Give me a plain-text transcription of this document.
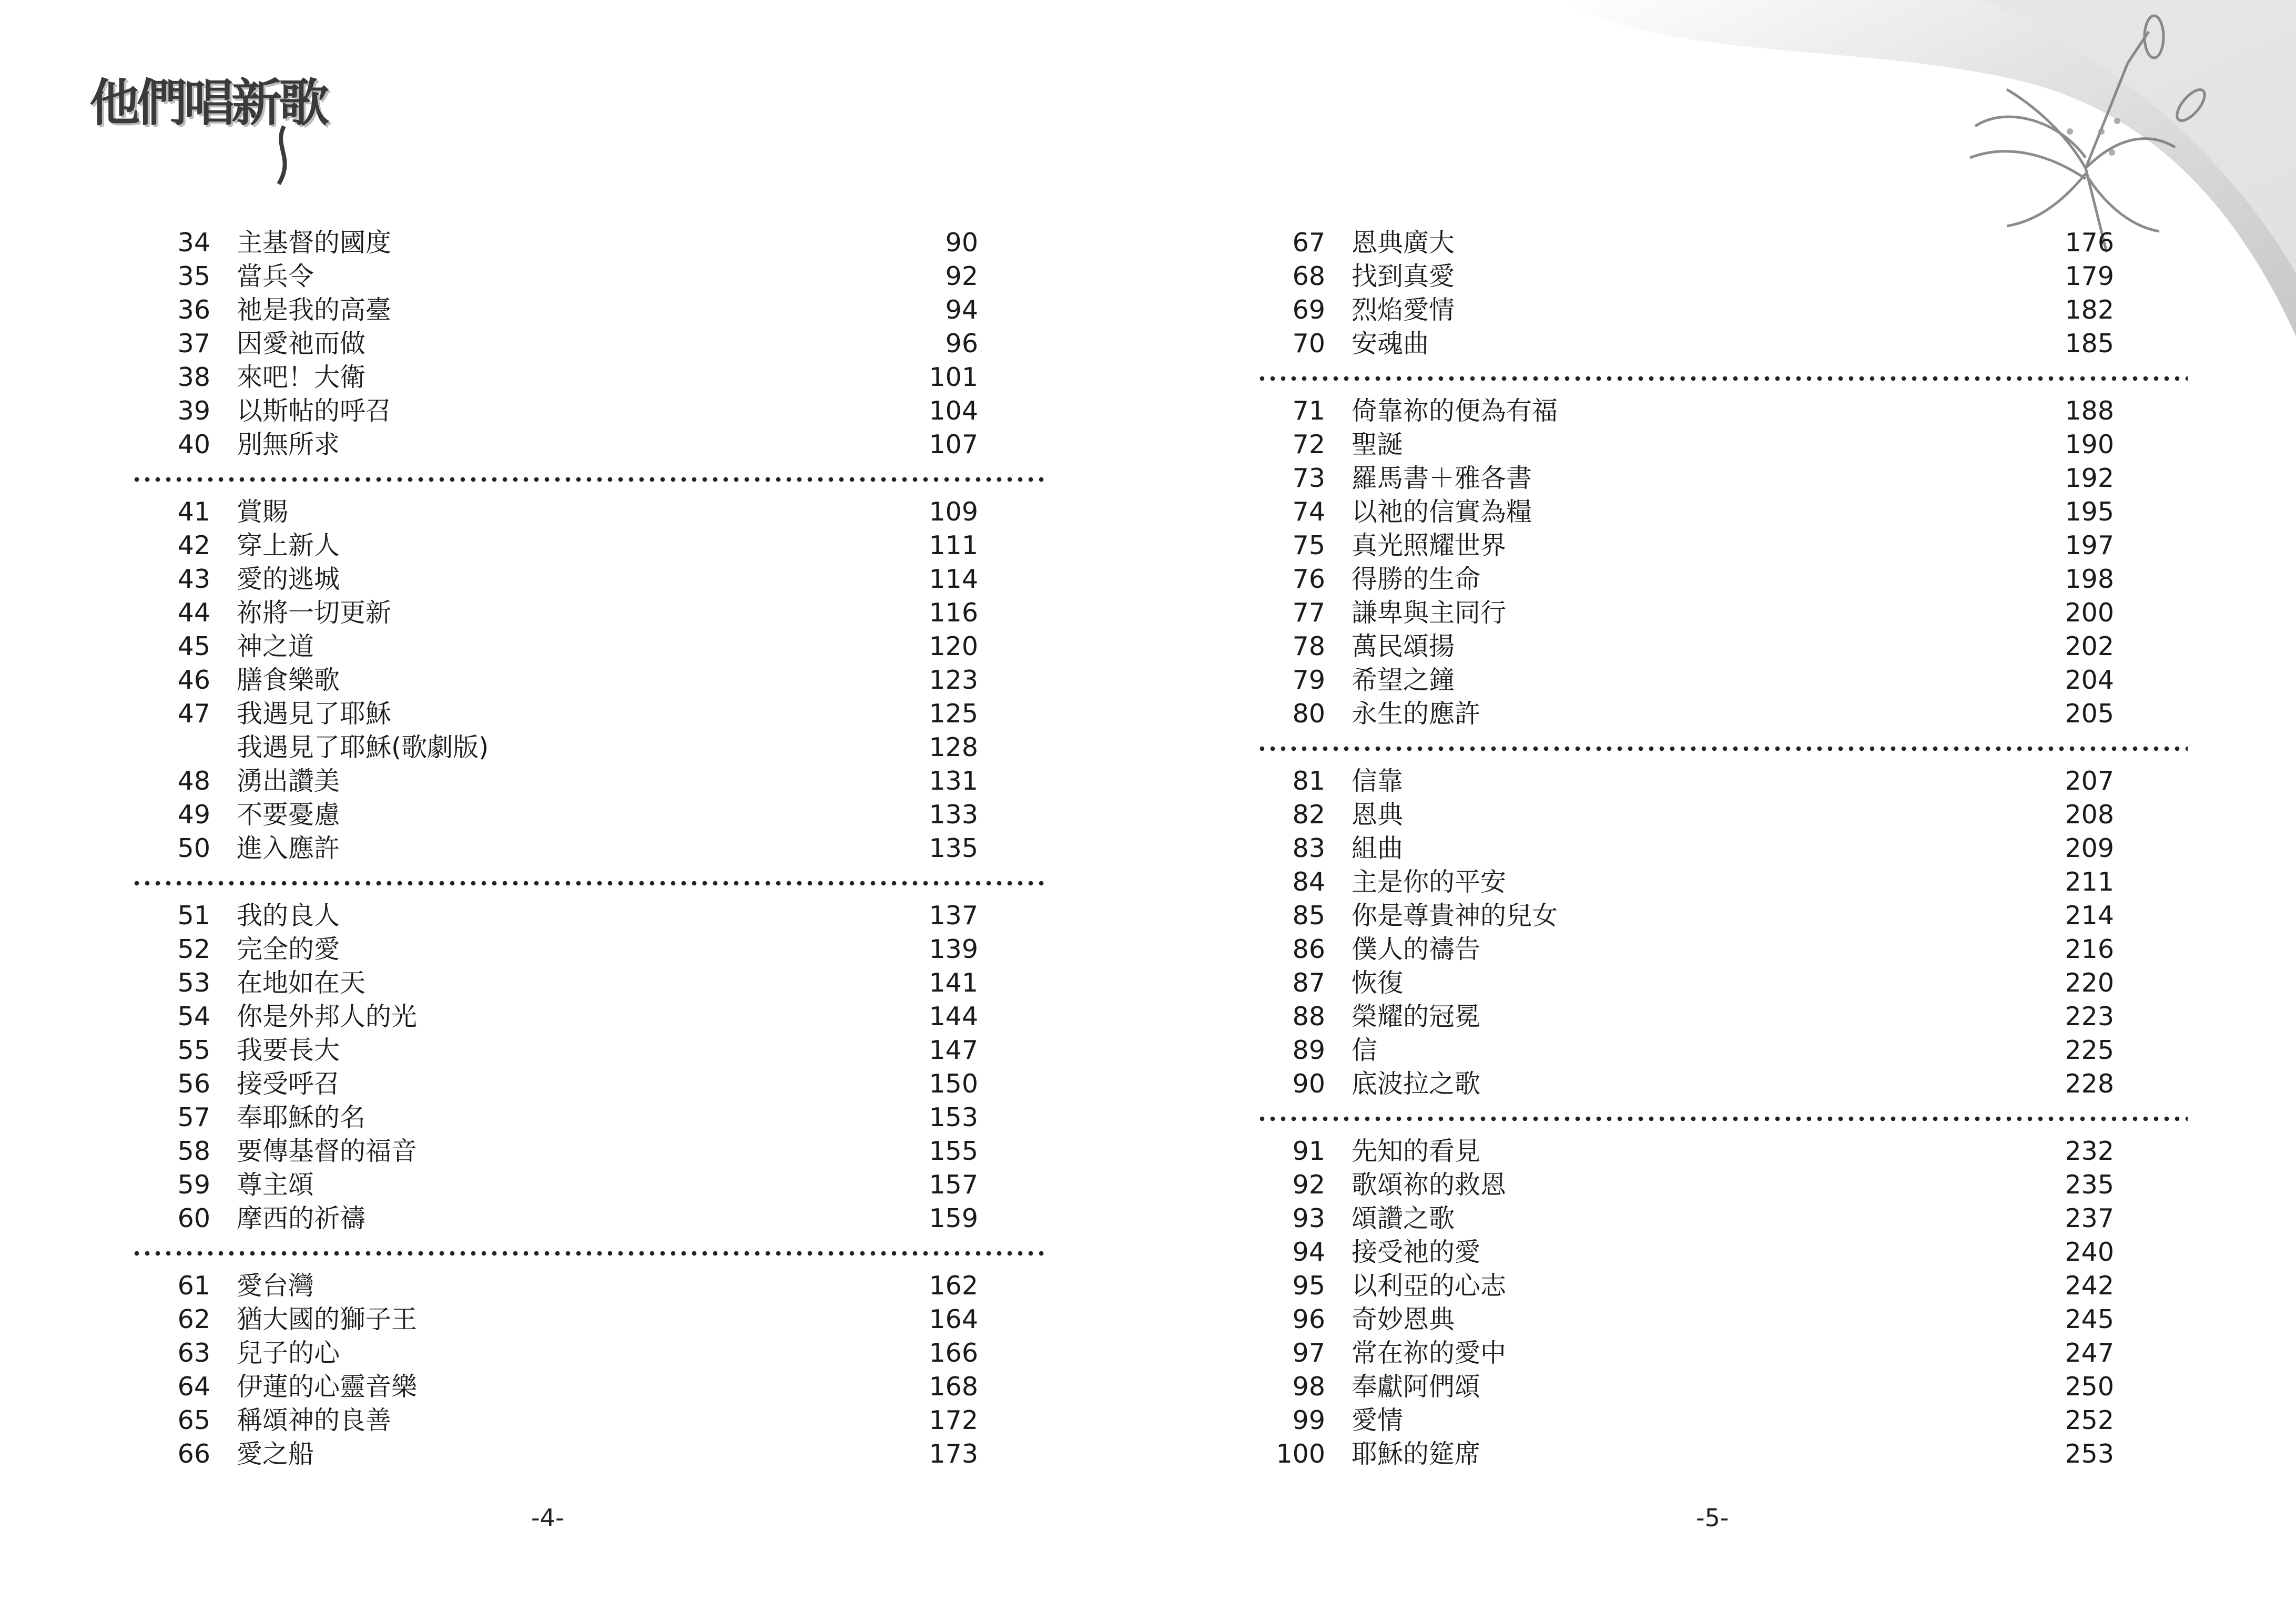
他們唱新歌
34 主基督的國度	90
35 當兵令	92
36 祂是我的高臺	94
37 因愛祂而做	96
38 來吧！大衛	101
39 以斯帖的呼召	104
40 別無所求	107
41 賞賜	109
42 穿上新人	111
43 愛的逃城	114
44 祢將一切更新	116
45 神之道	120
46 膳食樂歌	123
47 我遇見了耶穌	125
我遇見了耶穌(歌劇版)	128
48 湧出讚美	131
49 不要憂慮	133
50 進入應許	135
51 我的良人	137
52 完全的愛	139
53 在地如在天	141
54 你是外邦人的光	144
55 我要長大	147
56 接受呼召	150
57 奉耶穌的名	153
58 要傳基督的福音	155
59 尊主頌	157
60 摩西的祈禱	159
61 愛台灣	162
62 猶大國的獅子王	164
63 兒子的心	166
64 伊蓮的心靈音樂	168
65 稱頌神的良善	172
66 愛之船	173
67 恩典廣大	176
68 找到真愛	179
69 烈焰愛情	182
70 安魂曲	185
71 倚靠祢的便為有福	188
72 聖誕	190
73 羅馬書＋雅各書	192
74 以祂的信實為糧	195
75 真光照耀世界	197
76 得勝的生命	198
77 謙卑與主同行	200
78 萬民頌揚	202
79 希望之鐘	204
80 永生的應許	205
81 信靠	207
82 恩典	208
83 組曲	209
84 主是你的平安	211
85 你是尊貴神的兒女	214
86 僕人的禱告	216
87 恢復	220
88 榮耀的冠冕	223
89 信	225
90 底波拉之歌	228
91 先知的看見	232
92 歌頌祢的救恩	235
93 頌讚之歌	237
94 接受祂的愛	240
95 以利亞的心志	242
96 奇妙恩典	245
97 常在祢的愛中	247
98 奉獻阿們頌	250
99 愛情	252
100 耶穌的筵席	253
-4-	-5-
